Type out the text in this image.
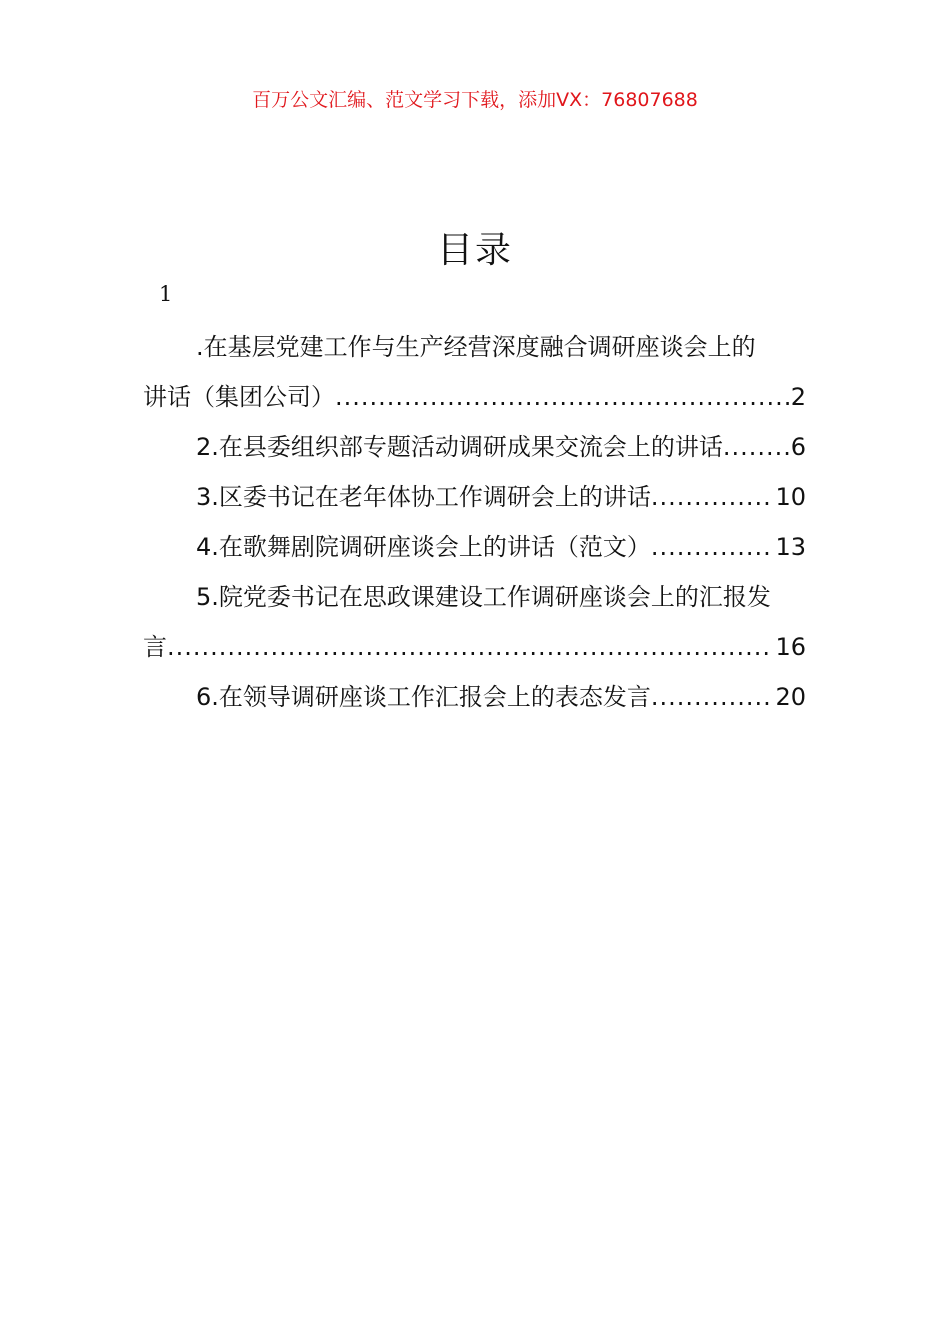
百万公文汇编、范文学习下载，添加VX：76807688
目录
1
.在基层党建工作与生产经营深度融合调研座谈会上的
讲话（集团公司） .....	2
2.在县委组织部专题活动调研成果交流会上的讲话 .....	6
3.区委书记在老年体协工作调研会上的讲话 .....	10
4.在歌舞剧院调研座谈会上的讲话（范文） .....	13
5.院党委书记在思政课建设工作调研座谈会上的汇报发
言 .....	16
6.在领导调研座谈工作汇报会上的表态发言 .....	20
